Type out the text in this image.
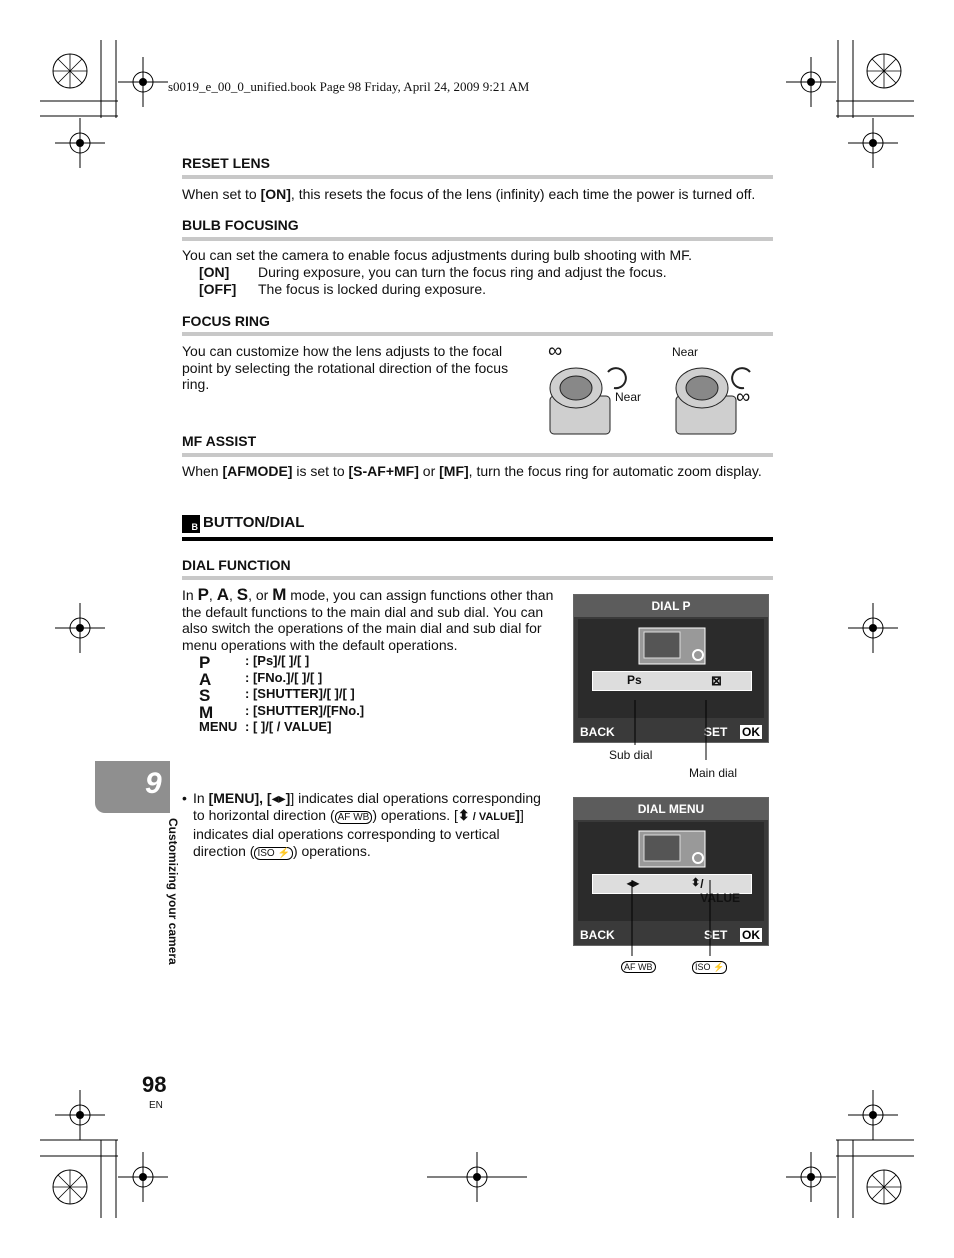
s0019_e_00_0_unified.book Page 98 Friday, April 24, 2009 9:21 AM
RESET LENS
When set to [ON], this resets the focus of the lens (infinity) each time the power is turned off.
BULB FOCUSING
You can set the camera to enable focus adjustments during bulb shooting with MF.
[ON] During exposure, you can turn the focus ring and adjust the focus.
[OFF] The focus is locked during exposure.
FOCUS RING
You can customize how the lens adjusts to the focal point by selecting the rotational direction of the focus ring.
∞
Near
Near
∞
MF ASSIST
When [AFMODE] is set to [S-AF+MF] or [MF], turn the focus ring for automatic zoom display.
B BUTTON/DIAL
DIAL FUNCTION
In P, A, S, or M mode, you can assign functions other than the default functions to the main dial and sub dial. You can also switch the operations of the main dial and sub dial for menu operations with the default operations.
P	: [Ps]/[ ]/[ ]
A	: [FNo.]/[ ]/[ ]
S	: [SHUTTER]/[ ]/[ ]
M : [SHUTTER]/[FNo.]
MENU : [ ]/[ / VALUE]
• In [MENU], [◂▸]] indicates dial operations corresponding to horizontal direction ( AF WB ) operations. [⬍ / VALUE]] indicates dial operations corresponding to vertical direction ( ISO ⚡ ) operations.
DIAL P
Ps	⊠
BACK	SET OK
Sub dial
Main dial
DIAL MENU
◂▸	⬍ / VALUE
BACK	SET OK
AF WB	ISO ⚡
9
Customizing your camera
98
EN
